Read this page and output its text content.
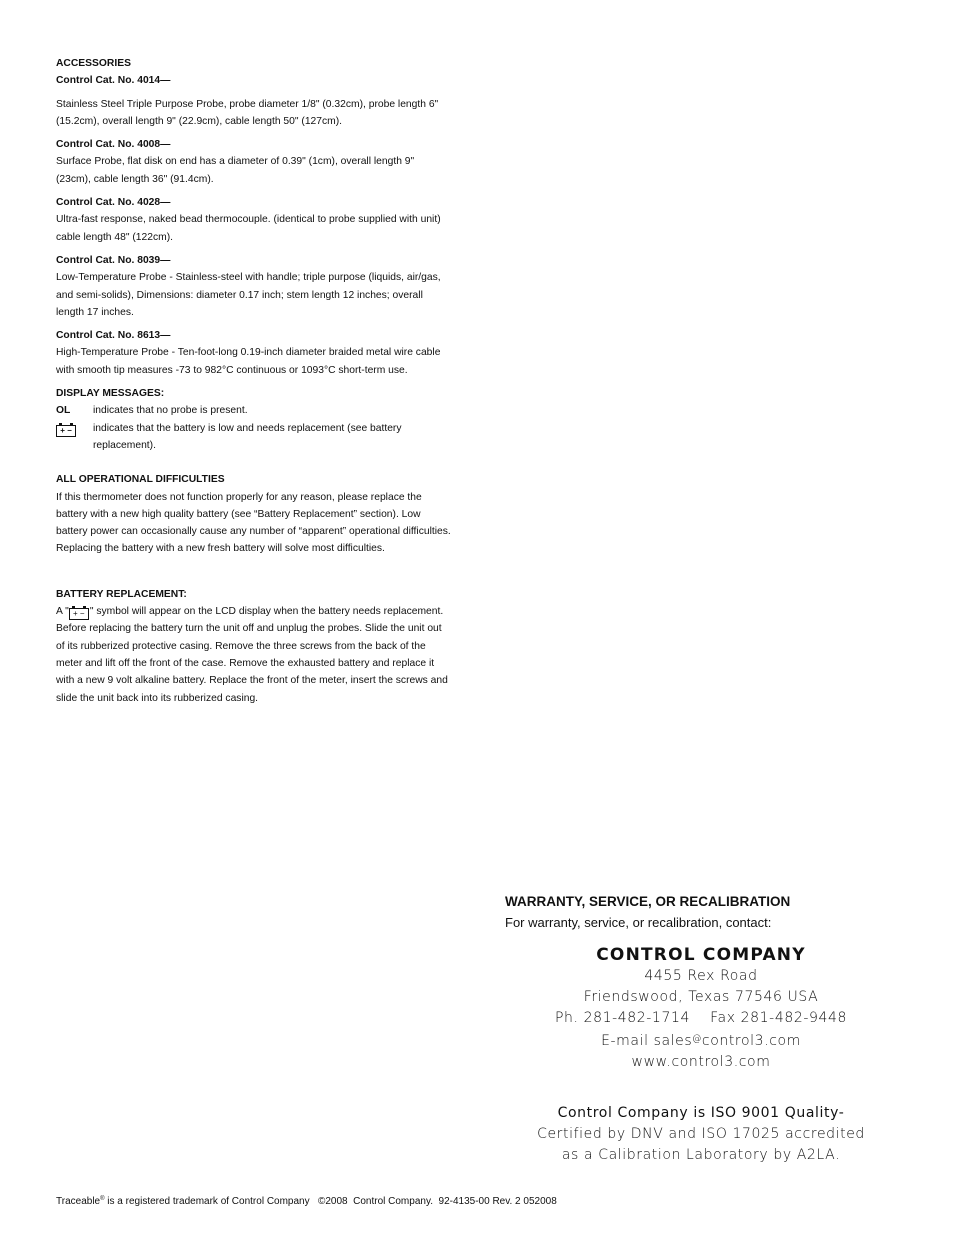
ACCESSORIES
Control Cat. No. 4014—
Stainless Steel Triple Purpose Probe, probe diameter 1/8" (0.32cm), probe length 6"
(15.2cm), overall length 9" (22.9cm), cable length 50" (127cm).
Control Cat. No. 4008—
Surface Probe, flat disk on end has a diameter of 0.39" (1cm), overall length 9"
(23cm), cable length 36" (91.4cm).
Control Cat. No. 4028—
Ultra-fast response, naked bead thermocouple. (identical to probe supplied with unit)
cable length 48" (122cm).
Control Cat. No. 8039—
Low-Temperature Probe - Stainless-steel with handle; triple purpose (liquids, air/gas,
and semi-solids), Dimensions: diameter 0.17 inch; stem length 12 inches; overall
length 17 inches.
Control Cat. No. 8613—
High-Temperature Probe - Ten-foot-long 0.19-inch diameter braided metal wire cable
with smooth tip measures -73 to 982°C continuous or 1093°C short-term use.
DISPLAY MESSAGES:
OL	indicates that no probe is present.
+ −	indicates that the battery is low and needs replacement (see battery
replacement).
ALL OPERATIONAL DIFFICULTIES
If this thermometer does not function properly for any reason, please replace the
battery with a new high quality battery (see “Battery Replacement” section). Low
battery power can occasionally cause any number of “apparent” operational difficulties.
Replacing the battery with a new fresh battery will solve most difficulties.
BATTERY REPLACEMENT:
A " + − " symbol will appear on the LCD display when the battery needs replacement.
Before replacing the battery turn the unit off and unplug the probes. Slide the unit out
of its rubberized protective casing. Remove the three screws from the back of the
meter and lift off the front of the case. Remove the exhausted battery and replace it
with a new 9 volt alkaline battery. Replace the front of the meter, insert the screws and
slide the unit back into its rubberized casing.
WARRANTY, SERVICE, OR RECALIBRATION
For warranty, service, or recalibration, contact:
CONTROL COMPANY
4455 Rex Road
Friendswood, Texas 77546 USA
Ph. 281-482-1714    Fax 281-482-9448
E-mail sales@control3.com
www.control3.com
Control Company is ISO 9001 Quality-
Certified by DNV and ISO 17025 accredited
as a Calibration Laboratory by A2LA.
Traceable® is a registered trademark of Control Company   ©2008  Control Company.  92-4135-00 Rev. 2 052008
